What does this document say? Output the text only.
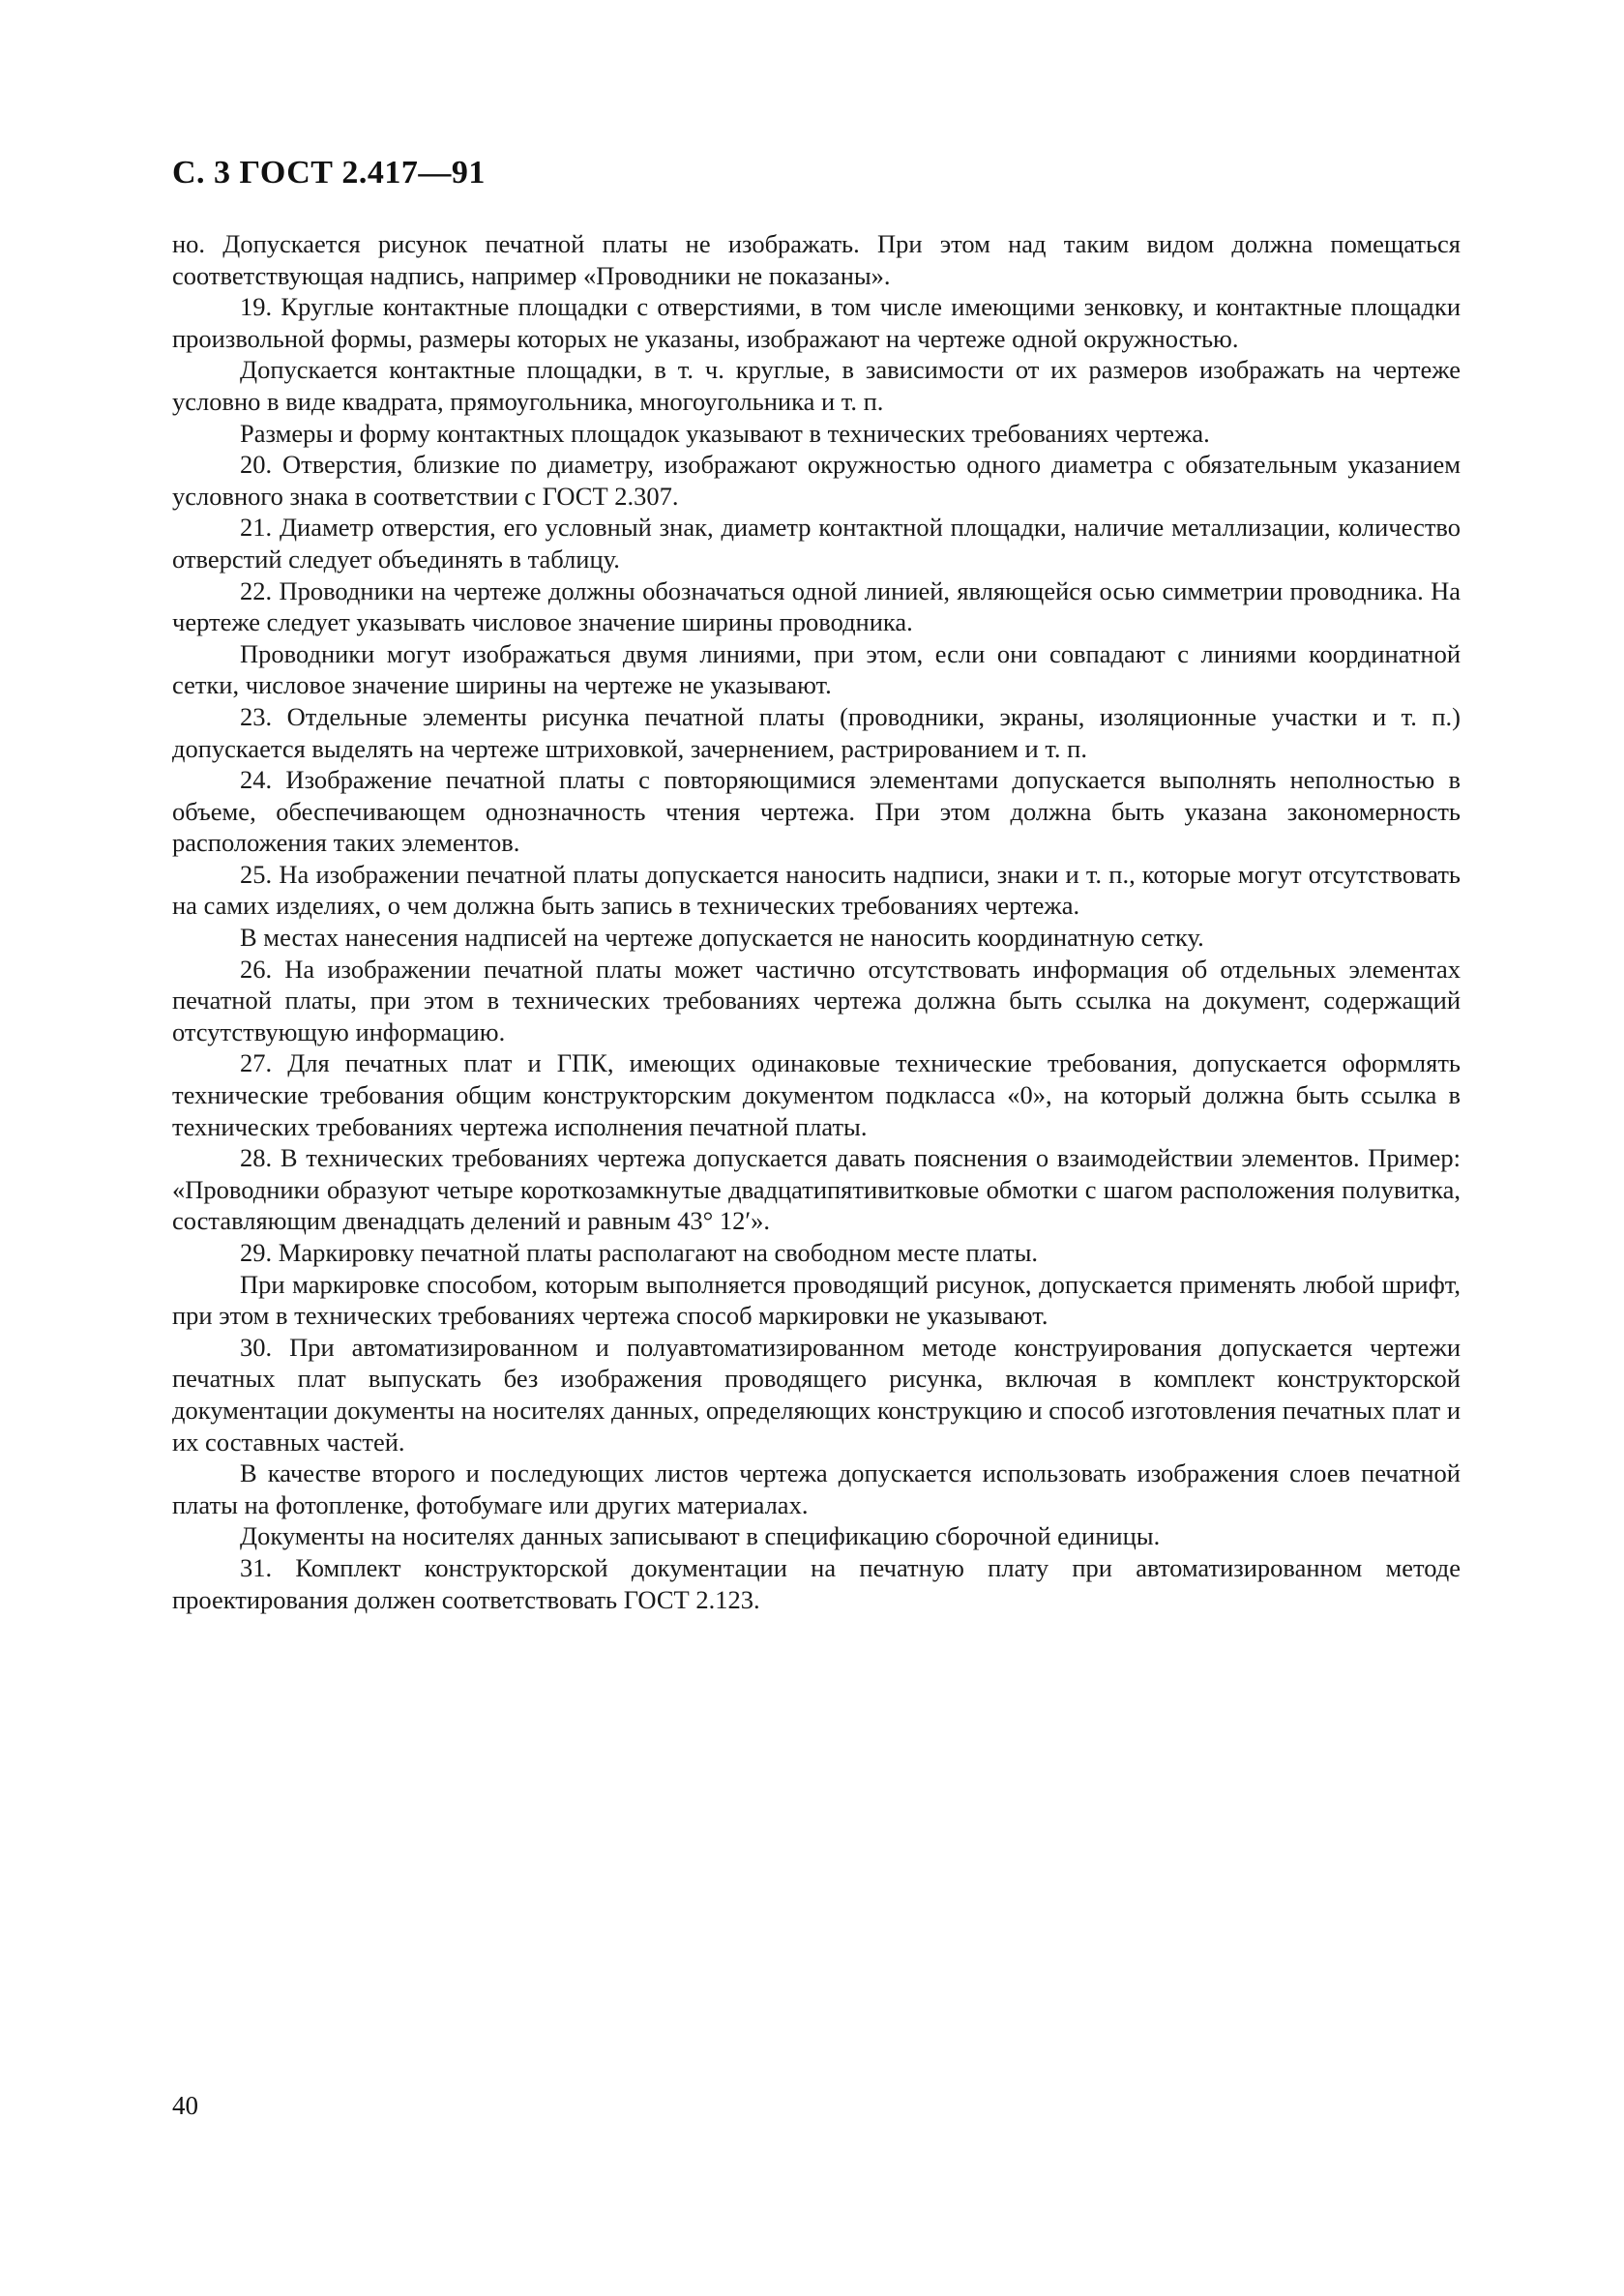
С. 3 ГОСТ 2.417—91

но. Допускается рисунок печатной платы не изображать. При этом над таким видом должна помещаться соответствующая надпись, например «Проводники не показаны».

19. Круглые контактные площадки с отверстиями, в том числе имеющими зенковку, и контактные площадки произвольной формы, размеры которых не указаны, изображают на чертеже одной окружностью.

Допускается контактные площадки, в т. ч. круглые, в зависимости от их размеров изображать на чертеже условно в виде квадрата, прямоугольника, многоугольника и т. п.

Размеры и форму контактных площадок указывают в технических требованиях чертежа.

20. Отверстия, близкие по диаметру, изображают окружностью одного диаметра с обязательным указанием условного знака в соответствии с ГОСТ 2.307.

21. Диаметр отверстия, его условный знак, диаметр контактной площадки, наличие металлизации, количество отверстий следует объединять в таблицу.

22. Проводники на чертеже должны обозначаться одной линией, являющейся осью симметрии проводника. На чертеже следует указывать числовое значение ширины проводника.

Проводники могут изображаться двумя линиями, при этом, если они совпадают с линиями координатной сетки, числовое значение ширины на чертеже не указывают.

23. Отдельные элементы рисунка печатной платы (проводники, экраны, изоляционные участки и т. п.) допускается выделять на чертеже штриховкой, зачернением, растрированием и т. п.

24. Изображение печатной платы с повторяющимися элементами допускается выполнять неполностью в объеме, обеспечивающем однозначность чтения чертежа. При этом должна быть указана закономерность расположения таких элементов.

25. На изображении печатной платы допускается наносить надписи, знаки и т. п., которые могут отсутствовать на самих изделиях, о чем должна быть запись в технических требованиях чертежа.

В местах нанесения надписей на чертеже допускается не наносить координатную сетку.

26. На изображении печатной платы может частично отсутствовать информация об отдельных элементах печатной платы, при этом в технических требованиях чертежа должна быть ссылка на документ, содержащий отсутствующую информацию.

27. Для печатных плат и ГПК, имеющих одинаковые технические требования, допускается оформлять технические требования общим конструкторским документом подкласса «0», на который должна быть ссылка в технических требованиях чертежа исполнения печатной платы.

28. В технических требованиях чертежа допускается давать пояснения о взаимодействии элементов. Пример: «Проводники образуют четыре короткозамкнутые двадцатипятивитковые обмотки с шагом расположения полувитка, составляющим двенадцать делений и равным 43° 12′».

29. Маркировку печатной платы располагают на свободном месте платы.

При маркировке способом, которым выполняется проводящий рисунок, допускается применять любой шрифт, при этом в технических требованиях чертежа способ маркировки не указывают.

30. При автоматизированном и полуавтоматизированном методе конструирования допускается чертежи печатных плат выпускать без изображения проводящего рисунка, включая в комплект конструкторской документации документы на носителях данных, определяющих конструкцию и способ изготовления печатных плат и их составных частей.

В качестве второго и последующих листов чертежа допускается использовать изображения слоев печатной платы на фотопленке, фотобумаге или других материалах.

Документы на носителях данных записывают в спецификацию сборочной единицы.

31. Комплект конструкторской документации на печатную плату при автоматизированном методе проектирования должен соответствовать ГОСТ 2.123.

40
